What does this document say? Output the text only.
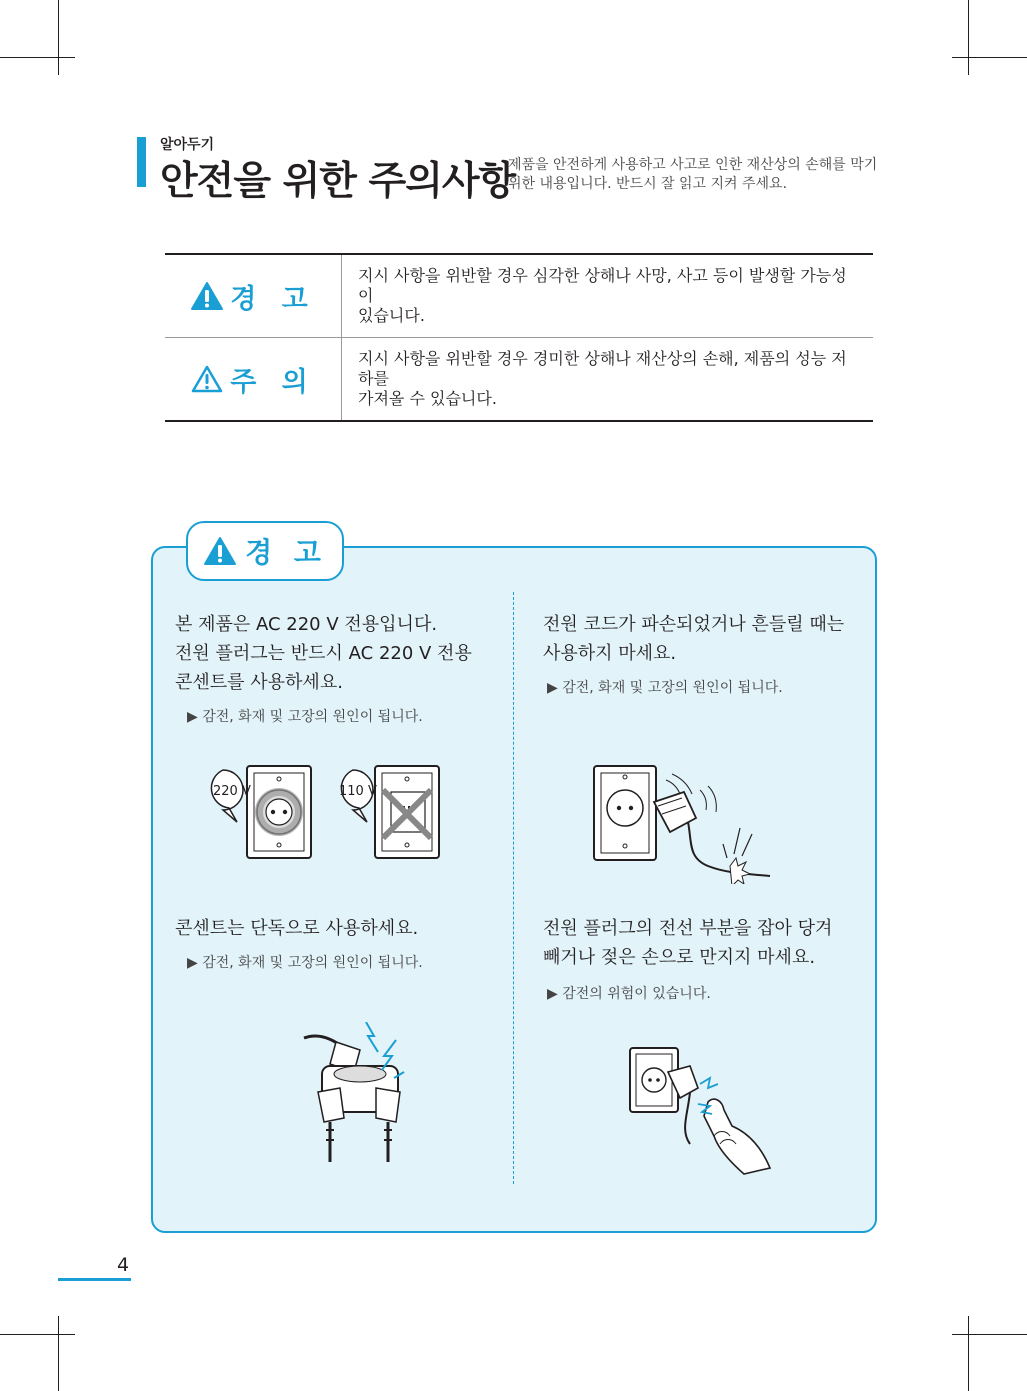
알아두기
안전을 위한 주의사항
제품을 안전하게 사용하고 사고로 인한 재산상의 손해를 막기
위한 내용입니다. 반드시 잘 읽고 지켜 주세요.
경 고
지시 사항을 위반할 경우 심각한 상해나 사망, 사고 등이 발생할 가능성이
있습니다.
주 의
지시 사항을 위반할 경우 경미한 상해나 재산상의 손해, 제품의 성능 저하를
가져올 수 있습니다.
경 고
본 제품은 AC 220 V 전용입니다.
전원 플러그는 반드시 AC 220 V 전용
콘센트를 사용하세요.
▶ 감전, 화재 및 고장의 원인이 됩니다.
220 V	110 V
전원 코드가 파손되었거나 흔들릴 때는
사용하지 마세요.
▶ 감전, 화재 및 고장의 원인이 됩니다.
콘센트는 단독으로 사용하세요.
▶ 감전, 화재 및 고장의 원인이 됩니다.
전원 플러그의 전선 부분을 잡아 당겨
빼거나 젖은 손으로 만지지 마세요.
▶ 감전의 위험이 있습니다.
4
